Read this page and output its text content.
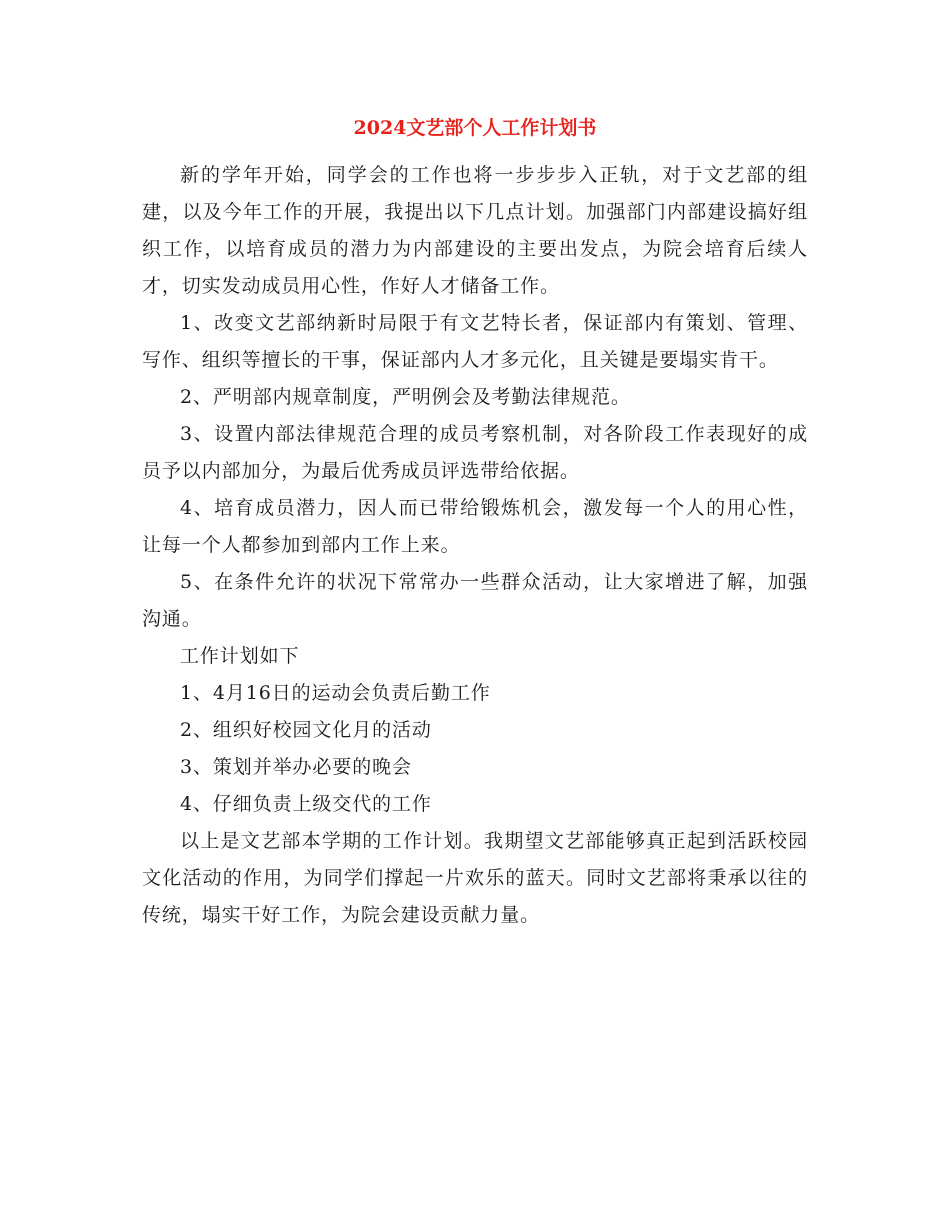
2024文艺部个人工作计划书

新的学年开始，同学会的工作也将一步步步入正轨，对于文艺部的组建，以及今年工作的开展，我提出以下几点计划。加强部门内部建设搞好组织工作，以培育成员的潜力为内部建设的主要出发点，为院会培育后续人才，切实发动成员用心性，作好人才储备工作。

1、改变文艺部纳新时局限于有文艺特长者，保证部内有策划、管理、写作、组织等擅长的干事，保证部内人才多元化，且关键是要塌实肯干。

2、严明部内规章制度，严明例会及考勤法律规范。

3、设置内部法律规范合理的成员考察机制，对各阶段工作表现好的成员予以内部加分，为最后优秀成员评选带给依据。

4、培育成员潜力，因人而已带给锻炼机会，激发每一个人的用心性，让每一个人都参加到部内工作上来。

5、在条件允许的状况下常常办一些群众活动，让大家增进了解，加强沟通。

工作计划如下

1、4月16日的运动会负责后勤工作

2、组织好校园文化月的活动

3、策划并举办必要的晚会

4、仔细负责上级交代的工作

以上是文艺部本学期的工作计划。我期望文艺部能够真正起到活跃校园文化活动的作用，为同学们撑起一片欢乐的蓝天。同时文艺部将秉承以往的传统，塌实干好工作，为院会建设贡献力量。
